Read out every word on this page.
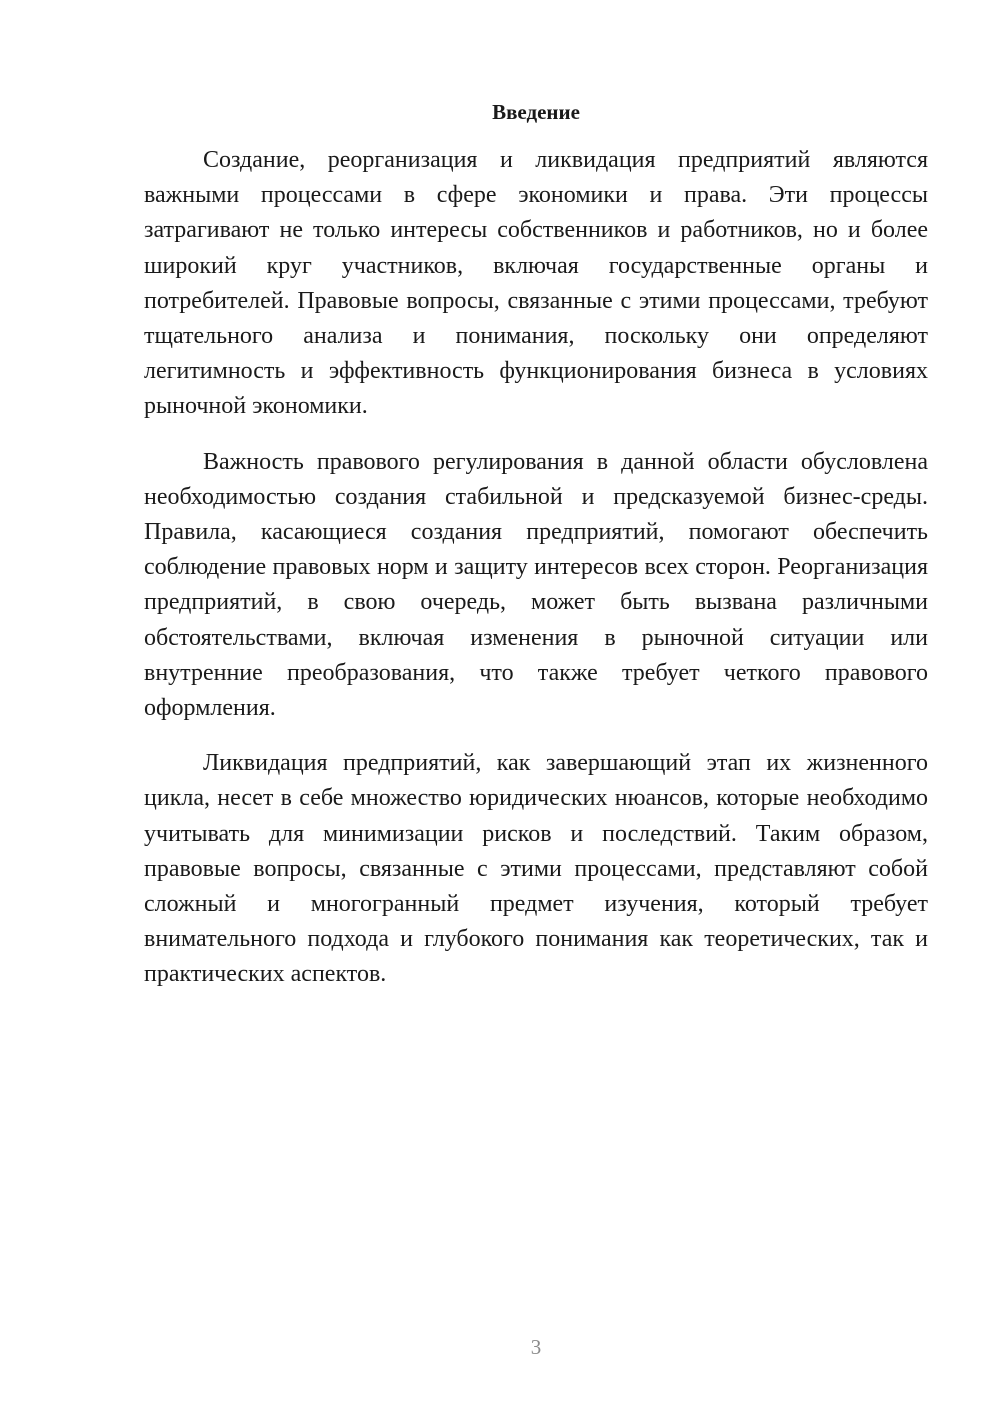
Введение

Создание, реорганизация и ликвидация предприятий являются важными процессами в сфере экономики и права. Эти процессы затрагивают не только интересы собственников и работников, но и более широкий круг участников, включая государственные органы и потребителей. Правовые вопросы, связанные с этими процессами, требуют тщательного анализа и понимания, поскольку они определяют легитимность и эффективность функционирования бизнеса в условиях рыночной экономики.

Важность правового регулирования в данной области обусловлена необходимостью создания стабильной и предсказуемой бизнес-среды. Правила, касающиеся создания предприятий, помогают обеспечить соблюдение правовых норм и защиту интересов всех сторон. Реорганизация предприятий, в свою очередь, может быть вызвана различными обстоятельствами, включая изменения в рыночной ситуации или внутренние преобразования, что также требует четкого правового оформления.

Ликвидация предприятий, как завершающий этап их жизненного цикла, несет в себе множество юридических нюансов, которые необходимо учитывать для минимизации рисков и последствий. Таким образом, правовые вопросы, связанные с этими процессами, представляют собой сложный и многогранный предмет изучения, который требует внимательного подхода и глубокого понимания как теоретических, так и практических аспектов.

3
